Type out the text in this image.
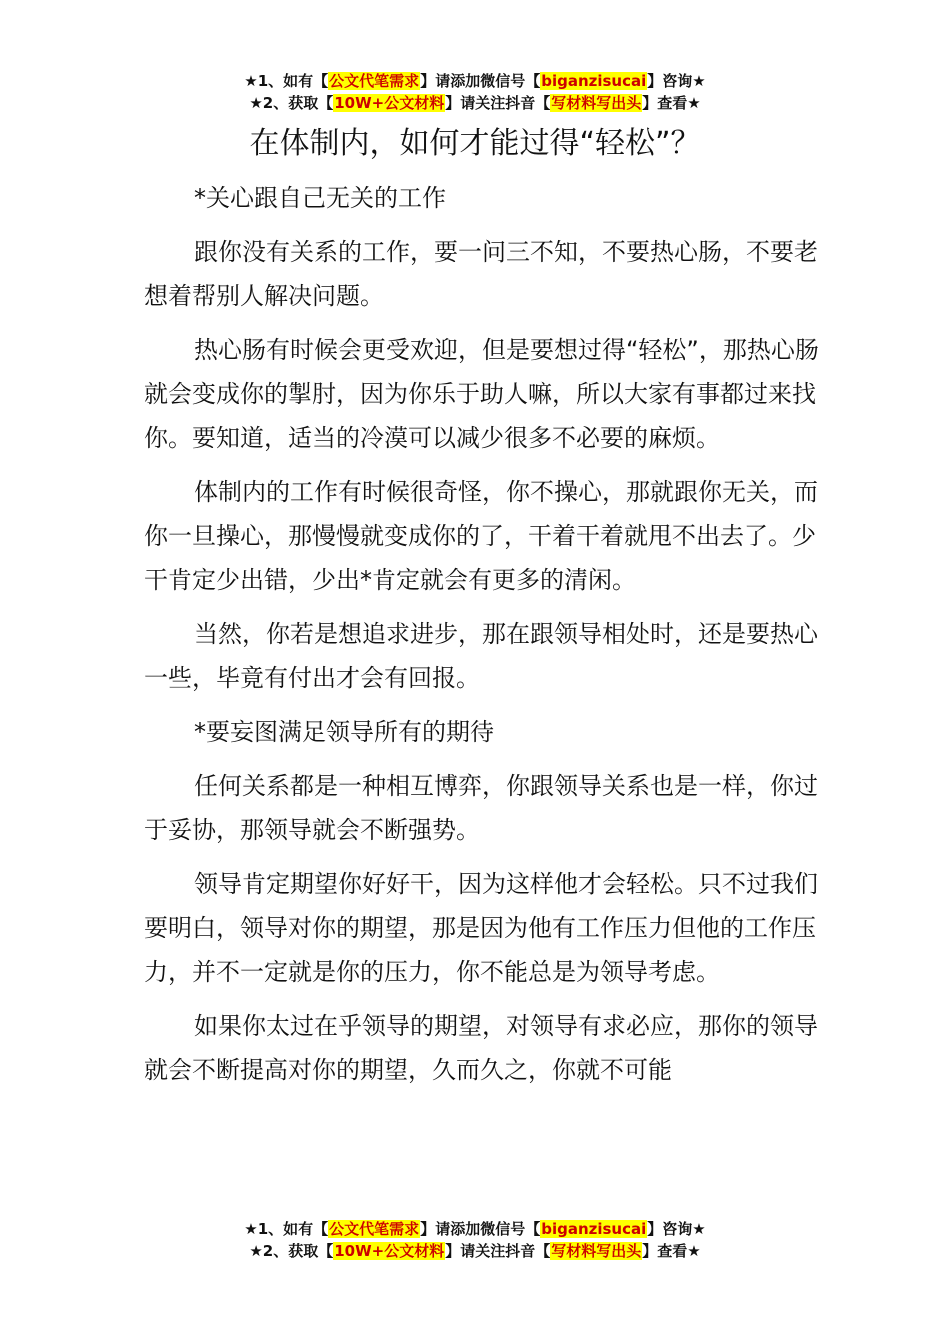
★1、如有【公文代笔需求】请添加微信号【biganzisucai】咨询★
★2、获取【10W+公文材料】请关注抖音【写材料写出头】查看★
在体制内，如何才能过得“轻松”？

*关心跟自己无关的工作

跟你没有关系的工作，要一问三不知，不要热心肠，不要老想着帮别人解决问题。

热心肠有时候会更受欢迎，但是要想过得“轻松”，那热心肠就会变成你的掣肘，因为你乐于助人嘛，所以大家有事都过来找你。要知道，适当的冷漠可以减少很多不必要的麻烦。

体制内的工作有时候很奇怪，你不操心，那就跟你无关，而你一旦操心，那慢慢就变成你的了，干着干着就甩不出去了。少干肯定少出错，少出*肯定就会有更多的清闲。

当然，你若是想追求进步，那在跟领导相处时，还是要热心一些，毕竟有付出才会有回报。

*要妄图满足领导所有的期待

任何关系都是一种相互博弈，你跟领导关系也是一样，你过于妥协，那领导就会不断强势。

领导肯定期望你好好干，因为这样他才会轻松。只不过我们要明白，领导对你的期望，那是因为他有工作压力但他的工作压力，并不一定就是你的压力，你不能总是为领导考虑。

如果你太过在乎领导的期望，对领导有求必应，那你的领导就会不断提高对你的期望，久而久之，你就不可能

★1、如有【公文代笔需求】请添加微信号【biganzisucai】咨询★
★2、获取【10W+公文材料】请关注抖音【写材料写出头】查看★
